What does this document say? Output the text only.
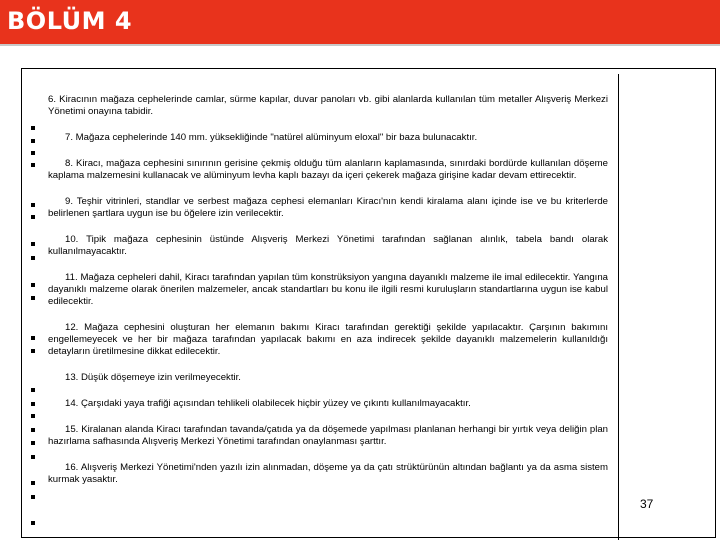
BÖLÜM 4

6. Kiracının mağaza cephelerinde camlar, sürme kapılar, duvar panoları vb. gibi alanlarda kullanılan tüm metaller Alışveriş Merkezi Yönetimi onayına tabidir.

7. Mağaza cephelerinde 140 mm. yüksekliğinde "natürel alüminyum eloxal" bir baza bulunacaktır.

8. Kiracı, mağaza cephesini sınırının gerisine çekmiş olduğu tüm alanların kaplamasında, sınırdaki bordürde kullanılan döşeme kaplama malzemesini kullanacak ve alüminyum levha kaplı bazayı da içeri çekerek mağaza girişine kadar devam ettirecektir.

9. Teşhir vitrinleri, standlar ve serbest mağaza cephesi elemanları Kiracı'nın kendi kiralama alanı içinde ise ve bu kriterlerde belirlenen şartlara uygun ise bu öğelere izin verilecektir.

10. Tipik mağaza cephesinin üstünde Alışveriş Merkezi Yönetimi tarafından sağlanan alınlık, tabela bandı olarak kullanılmayacaktır.

11. Mağaza cepheleri dahil, Kiracı tarafından yapılan tüm konstrüksiyon yangına dayanıklı malzeme ile imal edilecektir. Yangına dayanıklı malzeme olarak önerilen malzemeler, ancak standartları bu konu ile ilgili resmi kuruluşların standartlarına uygun ise kabul edilecektir.

12. Mağaza cephesini oluşturan her elemanın bakımı Kiracı tarafından gerektiği şekilde yapılacaktır. Çarşının bakımını engellemeyecek ve her bir mağaza tarafından yapılacak bakımı en aza indirecek şekilde dayanıklı malzemelerin kullanıldığı detayların üretilmesine dikkat edilecektir.

13. Düşük döşemeye izin verilmeyecektir.

14. Çarşıdaki yaya trafiği açısından tehlikeli olabilecek hiçbir yüzey ve çıkıntı kullanılmayacaktır.

15. Kiralanan alanda Kiracı tarafından tavanda/çatıda ya da döşemede yapılması planlanan herhangi bir yırtık veya deliğin plan hazırlama safhasında Alışveriş Merkezi Yönetimi tarafından onaylanması şarttır.

16. Alışveriş Merkezi Yönetimi'nden yazılı izin alınmadan, döşeme ya da çatı strüktürünün altından bağlantı ya da asma sistem kurmak yasaktır.

37
